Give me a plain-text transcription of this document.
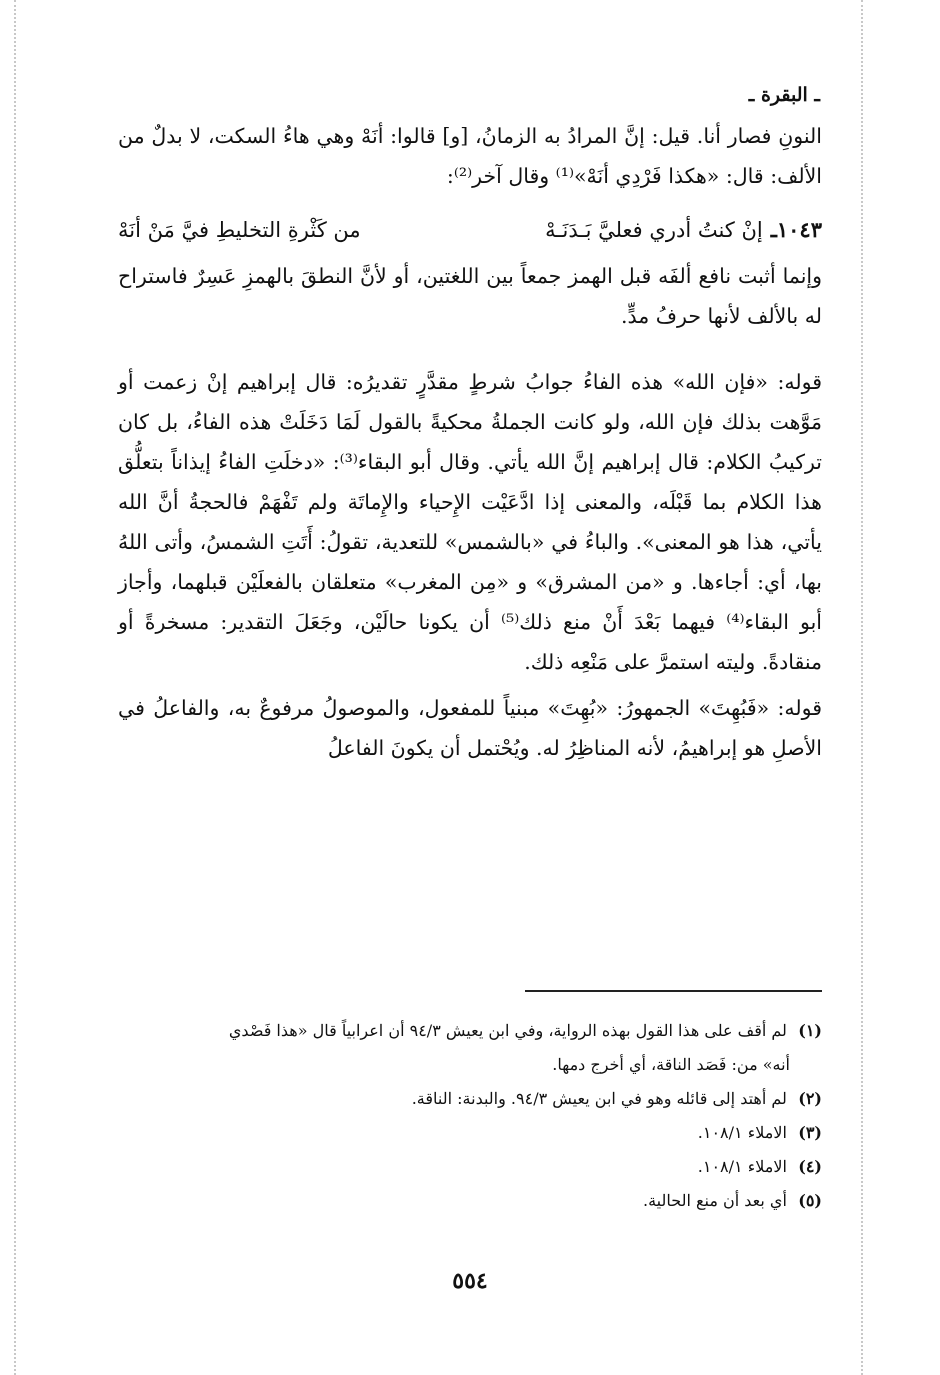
ـ البقرة ـ

النونِ فصار أنا. قيل: إنَّ المرادُ به الزمانُ، [و] قالوا: أنَهْ وهي هاءُ السكت، لا بدلٌ من الألف: قال: «هكذا فَرْدِي أنَهْ»⁽¹⁾ وقال آخر⁽²⁾:

١٠٤٣ـ
إنْ كنتُ أدري فعليَّ بَـدَنَـهْ
من كَثْرةِ التخليطِ فيَّ مَنْ أنَهْ

وإنما أثبت نافع ألفَه قبل الهمز جمعاً بين اللغتين، أو لأنَّ النطقَ بالهمزِ عَسِرٌ فاستراح له بالألف لأنها حرفُ مدٍّ.

قوله: «فإن الله» هذه الفاءُ جوابُ شرطٍ مقدَّرٍ تقديرُه: قال إبراهيم إنْ زعمت أو مَوَّهت بذلك فإن الله، ولو كانت الجملةُ محكيةً بالقول لَمَا دَخَلَتْ هذه الفاءُ، بل كان تركيبُ الكلام: قال إبراهيم إنَّ الله يأتي. وقال أبو البقاء⁽³⁾: «دخلَتِ الفاءُ إيذاناً بتعلُّق هذا الكلام بما قَبْلَه، والمعنى إذا ادَّعَيْت الإِحياء والإِماتَة ولم تَفْهَمْ فالحجةُ أنَّ الله يأتي، هذا هو المعنى». والباءُ في «بالشمس» للتعدية، تقولُ: أَتَتِ الشمسُ، وأتى اللهُ بها، أي: أجاءها. و «من المشرق» و «مِن المغرب» متعلقان بالفعلَيْن قبلهما، وأجاز أبو البقاء⁽⁴⁾ فيهما بَعْدَ أَنْ منع ذلك⁽⁵⁾ أن يكونا حالَيْن، وجَعَلَ التقدير: مسخرةً أو منقادةً. وليته استمرَّ على مَنْعِه ذلك.

قوله: «فَبُهِتَ» الجمهورُ: «بُهِتَ» مبنياً للمفعول، والموصولُ مرفوعٌ به، والفاعلُ في الأصلِ هو إبراهيمُ، لأنه المناظِرُ له. ويُحْتمل أن يكونَ الفاعلُ

(١) لم أقف على هذا القول بهذه الرواية، وفي ابن يعيش ٩٤/٣ أن اعرابياً قال «هذا فَصْدي

أنه» من: فَصَد الناقة، أي أخرج دمها.

(٢) لم أهتد إلى قائله وهو في ابن يعيش ٩٤/٣. والبدنة: الناقة.

(٣) الاملاء ١٠٨/١.

(٤) الاملاء ١٠٨/١.

(٥) أي بعد أن منع الحالية.

٥٥٤
